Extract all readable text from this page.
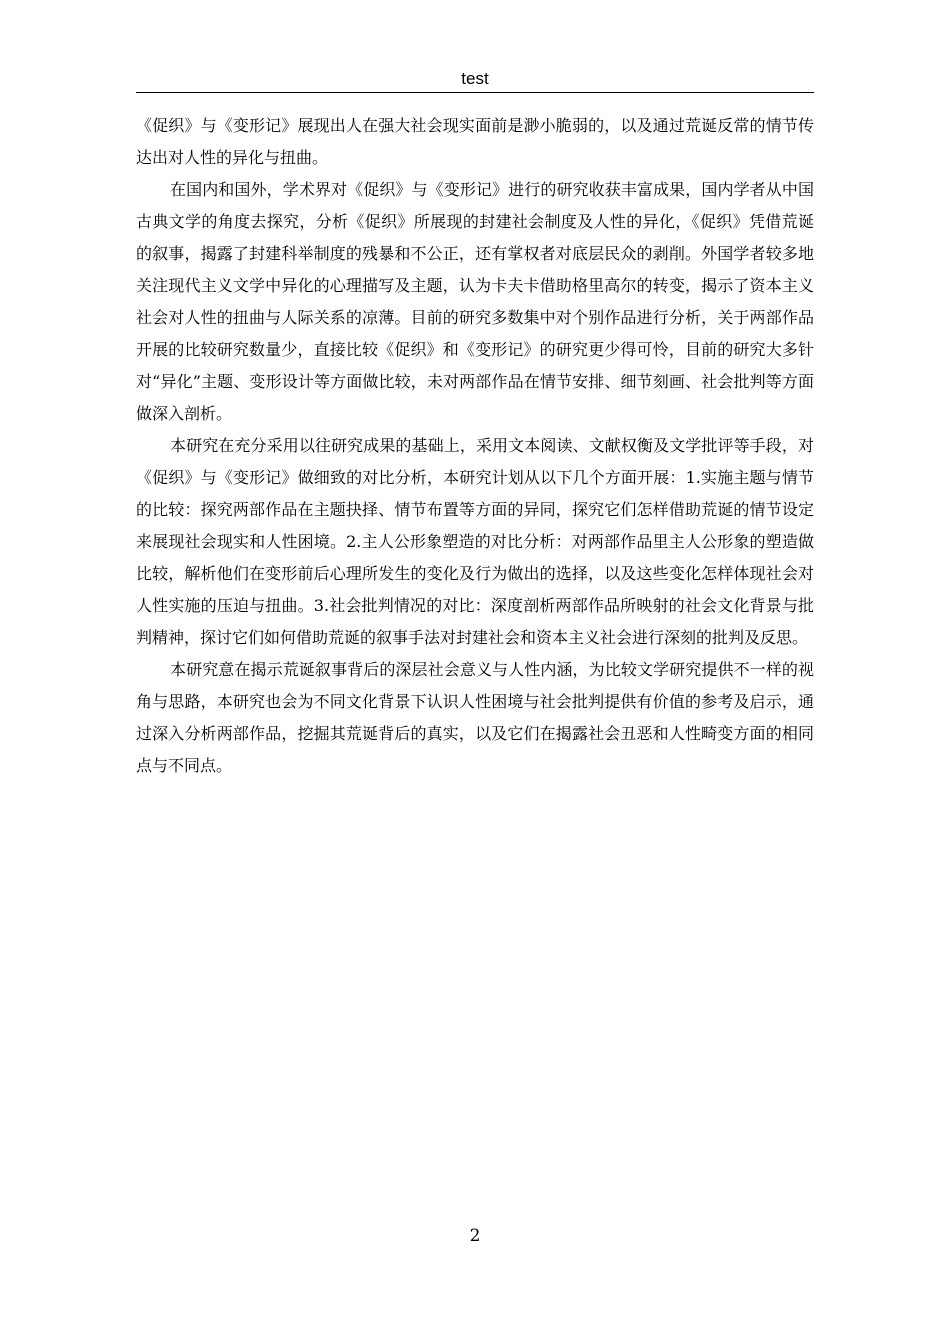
test

《促织》与《变形记》展现出人在强大社会现实面前是渺小脆弱的，以及通过荒诞反常的情节传达出对人性的异化与扭曲。

在国内和国外，学术界对《促织》与《变形记》进行的研究收获丰富成果，国内学者从中国古典文学的角度去探究，分析《促织》所展现的封建社会制度及人性的异化，《促织》凭借荒诞的叙事，揭露了封建科举制度的残暴和不公正，还有掌权者对底层民众的剥削。外国学者较多地关注现代主义文学中异化的心理描写及主题，认为卡夫卡借助格里高尔的转变，揭示了资本主义社会对人性的扭曲与人际关系的凉薄。目前的研究多数集中对个别作品进行分析，关于两部作品开展的比较研究数量少，直接比较《促织》和《变形记》的研究更少得可怜，目前的研究大多针对“异化”主题、变形设计等方面做比较，未对两部作品在情节安排、细节刻画、社会批判等方面做深入剖析。

本研究在充分采用以往研究成果的基础上，采用文本阅读、文献权衡及文学批评等手段，对《促织》与《变形记》做细致的对比分析，本研究计划从以下几个方面开展：1.实施主题与情节的比较：探究两部作品在主题抉择、情节布置等方面的异同，探究它们怎样借助荒诞的情节设定来展现社会现实和人性困境。2.主人公形象塑造的对比分析：对两部作品里主人公形象的塑造做比较，解析他们在变形前后心理所发生的变化及行为做出的选择，以及这些变化怎样体现社会对人性实施的压迫与扭曲。3.社会批判情况的对比：深度剖析两部作品所映射的社会文化背景与批判精神，探讨它们如何借助荒诞的叙事手法对封建社会和资本主义社会进行深刻的批判及反思。

本研究意在揭示荒诞叙事背后的深层社会意义与人性内涵，为比较文学研究提供不一样的视角与思路，本研究也会为不同文化背景下认识人性困境与社会批判提供有价值的参考及启示，通过深入分析两部作品，挖掘其荒诞背后的真实，以及它们在揭露社会丑恶和人性畸变方面的相同点与不同点。

2
